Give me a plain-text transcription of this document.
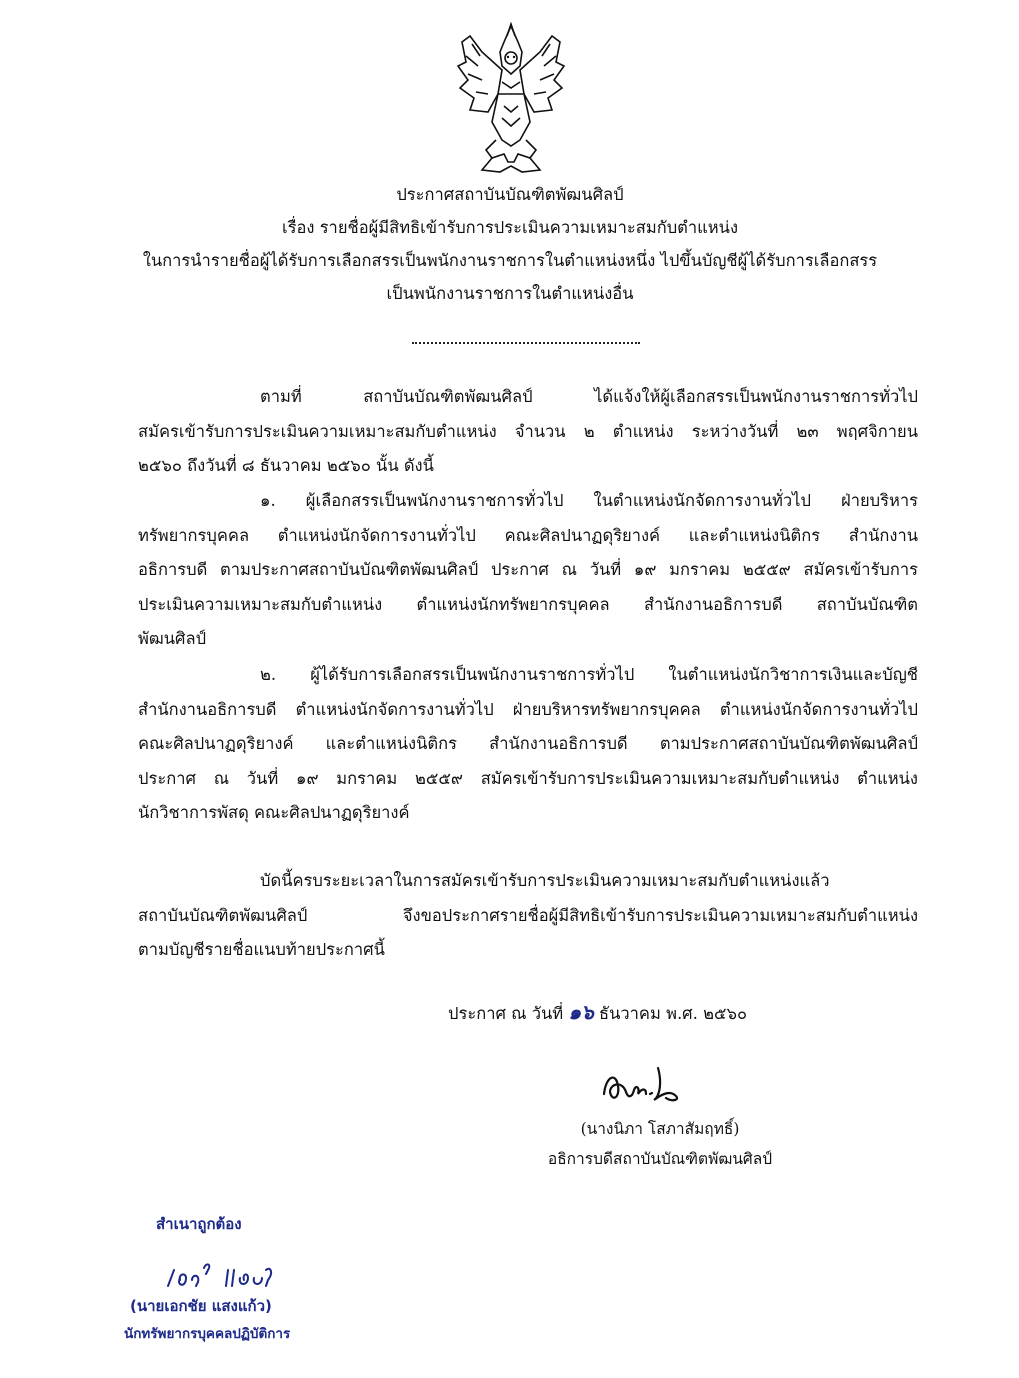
ประกาศสถาบันบัณฑิตพัฒนศิลป์
เรื่อง รายชื่อผู้มีสิทธิเข้ารับการประเมินความเหมาะสมกับตำแหน่ง
ในการนำรายชื่อผู้ได้รับการเลือกสรรเป็นพนักงานราชการในตำแหน่งหนึ่ง ไปขึ้นบัญชีผู้ได้รับการเลือกสรร
เป็นพนักงานราชการในตำแหน่งอื่น
ตามที่ สถาบันบัณฑิตพัฒนศิลป์ ได้แจ้งให้ผู้เลือกสรรเป็นพนักงานราชการทั่วไป
สมัครเข้ารับการประเมินความเหมาะสมกับตำแหน่ง จำนวน ๒ ตำแหน่ง ระหว่างวันที่ ๒๓ พฤศจิกายน
๒๕๖๐ ถึงวันที่ ๘ ธันวาคม ๒๕๖๐ นั้น ดังนี้
๑. ผู้เลือกสรรเป็นพนักงานราชการทั่วไป ในตำแหน่งนักจัดการงานทั่วไป ฝ่ายบริหาร
ทรัพยากรบุคคล ตำแหน่งนักจัดการงานทั่วไป คณะศิลปนาฏดุริยางค์ และตำแหน่งนิติกร สำนักงาน
อธิการบดี ตามประกาศสถาบันบัณฑิตพัฒนศิลป์ ประกาศ ณ วันที่ ๑๙ มกราคม ๒๕๕๙ สมัครเข้ารับการ
ประเมินความเหมาะสมกับตำแหน่ง ตำแหน่งนักทรัพยากรบุคคล สำนักงานอธิการบดี สถาบันบัณฑิต
พัฒนศิลป์
๒. ผู้ได้รับการเลือกสรรเป็นพนักงานราชการทั่วไป ในตำแหน่งนักวิชาการเงินและบัญชี
สำนักงานอธิการบดี ตำแหน่งนักจัดการงานทั่วไป ฝ่ายบริหารทรัพยากรบุคคล ตำแหน่งนักจัดการงานทั่วไป
คณะศิลปนาฏดุริยางค์ และตำแหน่งนิติกร สำนักงานอธิการบดี ตามประกาศสถาบันบัณฑิตพัฒนศิลป์
ประกาศ ณ วันที่ ๑๙ มกราคม ๒๕๕๙ สมัครเข้ารับการประเมินความเหมาะสมกับตำแหน่ง ตำแหน่ง
นักวิชาการพัสดุ คณะศิลปนาฏดุริยางค์
บัดนี้ครบระยะเวลาในการสมัครเข้ารับการประเมินความเหมาะสมกับตำแหน่งแล้ว
สถาบันบัณฑิตพัฒนศิลป์ จึงขอประกาศรายชื่อผู้มีสิทธิเข้ารับการประเมินความเหมาะสมกับตำแหน่ง
ตามบัญชีรายชื่อแนบท้ายประกาศนี้
ประกาศ ณ วันที่ ๑๖ ธันวาคม พ.ศ. ๒๕๖๐
(นางนิภา โสภาสัมฤทธิ์)
อธิการบดีสถาบันบัณฑิตพัฒนศิลป์
สำเนาถูกต้อง
(นายเอกชัย แสงแก้ว)
นักทรัพยากรบุคคลปฏิบัติการ
